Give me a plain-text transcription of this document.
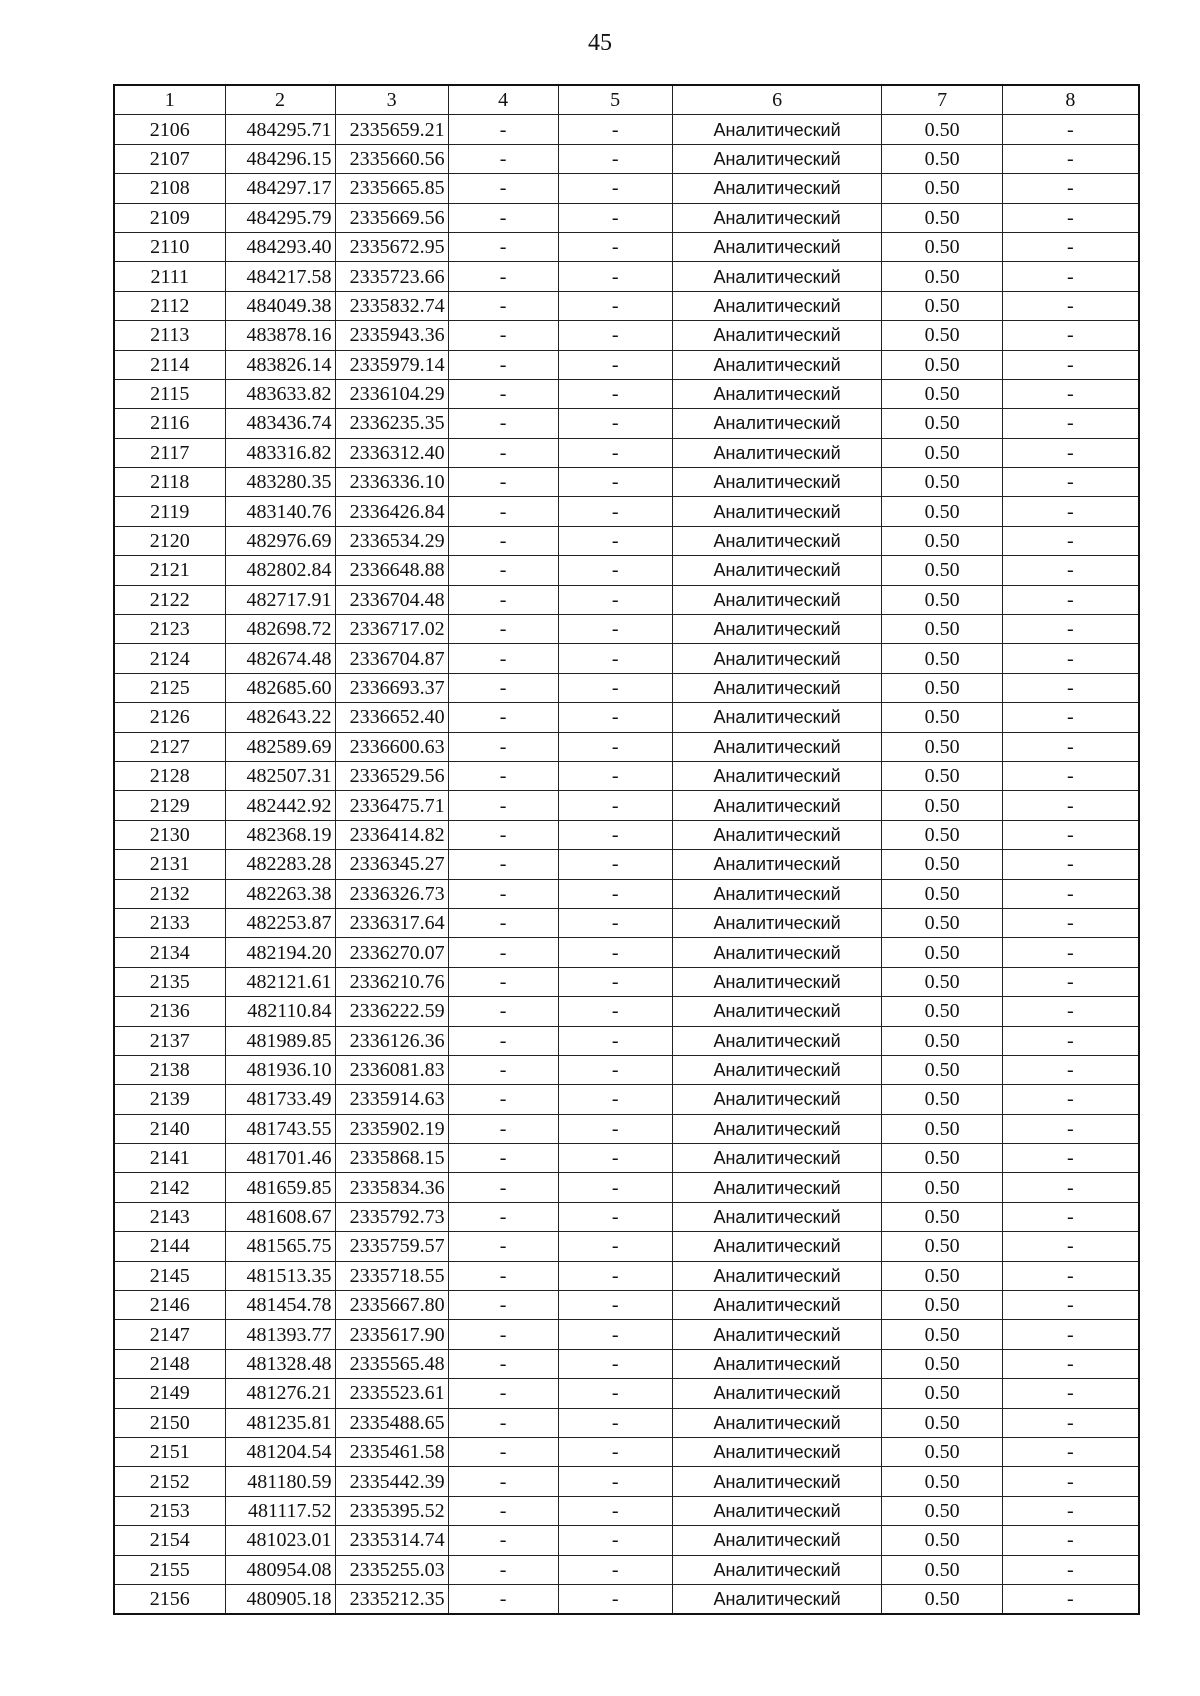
45
1	2	3	4	5	6	7	8
2106	484295.71	2335659.21	-	-	Аналитический	0.50	-
2107	484296.15	2335660.56	-	-	Аналитический	0.50	-
2108	484297.17	2335665.85	-	-	Аналитический	0.50	-
2109	484295.79	2335669.56	-	-	Аналитический	0.50	-
2110	484293.40	2335672.95	-	-	Аналитический	0.50	-
2111	484217.58	2335723.66	-	-	Аналитический	0.50	-
2112	484049.38	2335832.74	-	-	Аналитический	0.50	-
2113	483878.16	2335943.36	-	-	Аналитический	0.50	-
2114	483826.14	2335979.14	-	-	Аналитический	0.50	-
2115	483633.82	2336104.29	-	-	Аналитический	0.50	-
2116	483436.74	2336235.35	-	-	Аналитический	0.50	-
2117	483316.82	2336312.40	-	-	Аналитический	0.50	-
2118	483280.35	2336336.10	-	-	Аналитический	0.50	-
2119	483140.76	2336426.84	-	-	Аналитический	0.50	-
2120	482976.69	2336534.29	-	-	Аналитический	0.50	-
2121	482802.84	2336648.88	-	-	Аналитический	0.50	-
2122	482717.91	2336704.48	-	-	Аналитический	0.50	-
2123	482698.72	2336717.02	-	-	Аналитический	0.50	-
2124	482674.48	2336704.87	-	-	Аналитический	0.50	-
2125	482685.60	2336693.37	-	-	Аналитический	0.50	-
2126	482643.22	2336652.40	-	-	Аналитический	0.50	-
2127	482589.69	2336600.63	-	-	Аналитический	0.50	-
2128	482507.31	2336529.56	-	-	Аналитический	0.50	-
2129	482442.92	2336475.71	-	-	Аналитический	0.50	-
2130	482368.19	2336414.82	-	-	Аналитический	0.50	-
2131	482283.28	2336345.27	-	-	Аналитический	0.50	-
2132	482263.38	2336326.73	-	-	Аналитический	0.50	-
2133	482253.87	2336317.64	-	-	Аналитический	0.50	-
2134	482194.20	2336270.07	-	-	Аналитический	0.50	-
2135	482121.61	2336210.76	-	-	Аналитический	0.50	-
2136	482110.84	2336222.59	-	-	Аналитический	0.50	-
2137	481989.85	2336126.36	-	-	Аналитический	0.50	-
2138	481936.10	2336081.83	-	-	Аналитический	0.50	-
2139	481733.49	2335914.63	-	-	Аналитический	0.50	-
2140	481743.55	2335902.19	-	-	Аналитический	0.50	-
2141	481701.46	2335868.15	-	-	Аналитический	0.50	-
2142	481659.85	2335834.36	-	-	Аналитический	0.50	-
2143	481608.67	2335792.73	-	-	Аналитический	0.50	-
2144	481565.75	2335759.57	-	-	Аналитический	0.50	-
2145	481513.35	2335718.55	-	-	Аналитический	0.50	-
2146	481454.78	2335667.80	-	-	Аналитический	0.50	-
2147	481393.77	2335617.90	-	-	Аналитический	0.50	-
2148	481328.48	2335565.48	-	-	Аналитический	0.50	-
2149	481276.21	2335523.61	-	-	Аналитический	0.50	-
2150	481235.81	2335488.65	-	-	Аналитический	0.50	-
2151	481204.54	2335461.58	-	-	Аналитический	0.50	-
2152	481180.59	2335442.39	-	-	Аналитический	0.50	-
2153	481117.52	2335395.52	-	-	Аналитический	0.50	-
2154	481023.01	2335314.74	-	-	Аналитический	0.50	-
2155	480954.08	2335255.03	-	-	Аналитический	0.50	-
2156	480905.18	2335212.35	-	-	Аналитический	0.50	-
